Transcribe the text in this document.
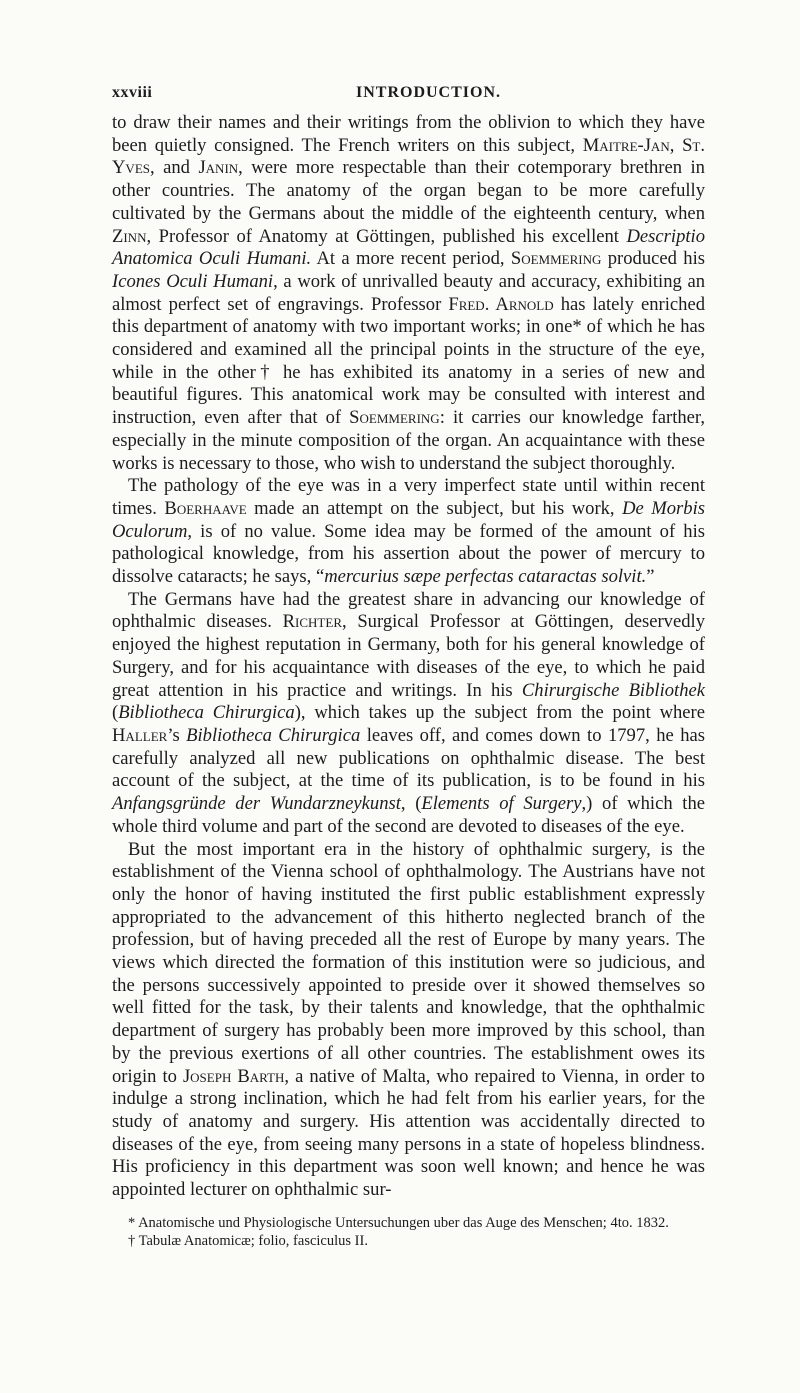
xxviii	INTRODUCTION.

to draw their names and their writings from the oblivion to which they have been quietly consigned. The French writers on this subject, Maitre-Jan, St. Yves, and Janin, were more respectable than their cotemporary brethren in other countries. The anatomy of the organ began to be more carefully cultivated by the Germans about the middle of the eighteenth century, when Zinn, Professor of Anatomy at Göttingen, published his excellent Descriptio Anatomica Oculi Humani. At a more recent period, Soemmering produced his Icones Oculi Humani, a work of unrivalled beauty and accuracy, exhibiting an almost perfect set of engravings. Professor Fred. Arnold has lately enriched this department of anatomy with two important works; in one* of which he has considered and examined all the principal points in the structure of the eye, while in the other† he has exhibited its anatomy in a series of new and beautiful figures. This anatomical work may be consulted with interest and instruction, even after that of Soemmering: it carries our knowledge farther, especially in the minute composition of the organ. An acquaintance with these works is necessary to those, who wish to understand the subject thoroughly.

The pathology of the eye was in a very imperfect state until within recent times. Boerhaave made an attempt on the subject, but his work, De Morbis Oculorum, is of no value. Some idea may be formed of the amount of his pathological knowledge, from his assertion about the power of mercury to dissolve cataracts; he says, “mercurius sæpe perfectas cataractas solvit.”

The Germans have had the greatest share in advancing our knowledge of ophthalmic diseases. Richter, Surgical Professor at Göttingen, deservedly enjoyed the highest reputation in Germany, both for his general knowledge of Surgery, and for his acquaintance with diseases of the eye, to which he paid great attention in his practice and writings. In his Chirurgische Bibliothek (Bibliotheca Chirurgica), which takes up the subject from the point where Haller’s Bibliotheca Chirurgica leaves off, and comes down to 1797, he has carefully analyzed all new publications on ophthalmic disease. The best account of the subject, at the time of its publication, is to be found in his Anfangsgründe der Wundarzneykunst, (Elements of Surgery,) of which the whole third volume and part of the second are devoted to diseases of the eye.

But the most important era in the history of ophthalmic surgery, is the establishment of the Vienna school of ophthalmology. The Austrians have not only the honor of having instituted the first public establishment expressly appropriated to the advancement of this hitherto neglected branch of the profession, but of having preceded all the rest of Europe by many years. The views which directed the formation of this institution were so judicious, and the persons successively appointed to preside over it showed themselves so well fitted for the task, by their talents and knowledge, that the ophthalmic department of surgery has probably been more improved by this school, than by the previous exertions of all other countries. The establishment owes its origin to Joseph Barth, a native of Malta, who repaired to Vienna, in order to indulge a strong inclination, which he had felt from his earlier years, for the study of anatomy and surgery. His attention was accidentally directed to diseases of the eye, from seeing many persons in a state of hopeless blindness. His proficiency in this department was soon well known; and hence he was appointed lecturer on ophthalmic sur-

* Anatomische und Physiologische Untersuchungen uber das Auge des Menschen; 4to. 1832.

† Tabulæ Anatomicæ; folio, fasciculus II.
